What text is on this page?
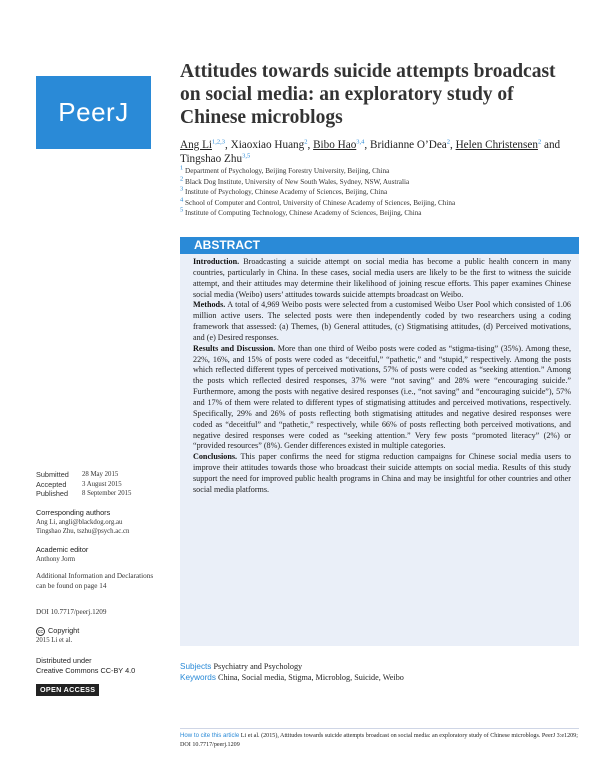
PeerJ
Attitudes towards suicide attempts broadcast on social media: an exploratory study of Chinese microblogs
Ang Li$^{1,2,3}$, Xiaoxiao Huang$^2$, Bibo Hao$^{3,4}$, Bridianne O’Dea$^2$, Helen Christensen$^2$ and Tingshao Zhu$^{3,5}$
$^1$ Department of Psychology, Beijing Forestry University, Beijing, China
$^2$ Black Dog Institute, University of New South Wales, Sydney, NSW, Australia
$^3$ Institute of Psychology, Chinese Academy of Sciences, Beijing, China
$^4$ School of Computer and Control, University of Chinese Academy of Sciences, Beijing, China
$^5$ Institute of Computing Technology, Chinese Academy of Sciences, Beijing, China
ABSTRACT

Introduction. Broadcasting a suicide attempt on social media has become a public health concern in many countries, particularly in China. In these cases, social media users are likely to be the first to witness the suicide attempt, and their attitudes may determine their likelihood of joining rescue efforts. This paper examines Chinese social media (Weibo) users’ attitudes towards suicide attempts broadcast on Weibo.

Methods. A total of 4,969 Weibo posts were selected from a customised Weibo User Pool which consisted of 1.06 million active users. The selected posts were then independently coded by two researchers using a coding framework that assessed: (a) Themes, (b) General attitudes, (c) Stigmatising attitudes, (d) Perceived motivations, and (e) Desired responses.

Results and Discussion. More than one third of Weibo posts were coded as “stigma-tising” (35%). Among these, 22%, 16%, and 15% of posts were coded as “deceitful,” “pathetic,” and “stupid,” respectively. Among the posts which reflected different types of perceived motivations, 57% of posts were coded as “seeking attention.” Among the posts which reflected desired responses, 37% were “not saving” and 28% were “encouraging suicide.” Furthermore, among the posts with negative desired responses (i.e., “not saving” and “encouraging suicide”), 57% and 17% of them were related to different types of stigmatising attitudes and perceived motivations, respectively. Specifically, 29% and 26% of posts reflecting both stigmatising attitudes and negative desired responses were coded as “deceitful” and “pathetic,” respectively, while 66% of posts reflecting both perceived motivations, and negative desired responses were coded as “seeking attention.” Very few posts “promoted literacy” (2%) or “provided resources” (8%). Gender differences existed in multiple categories.

Conclusions. This paper confirms the need for stigma reduction campaigns for Chinese social media users to improve their attitudes towards those who broadcast their suicide attempts on social media. Results of this study support the need for improved public health programs in China and may be insightful for other countries and other social media platforms.

Submitted	28 May 2015
Accepted	3 August 2015
Published	8 September 2015
Corresponding authors
Ang Li, angli@blackdog.org.au
Tingshao Zhu, tszhu@psych.ac.cn
Academic editor
Anthony Jorm
Additional Information and Declarations can be found on page 14
DOI 10.7717/peerj.1209
cc Copyright
2015 Li et al.
Distributed under
Creative Commons CC-BY 4.0
OPEN ACCESS
Subjects Psychiatry and Psychology
Keywords China, Social media, Stigma, Microblog, Suicide, Weibo
How to cite this article Li et al. (2015), Attitudes towards suicide attempts broadcast on social media: an exploratory study of Chinese microblogs. PeerJ 3:e1209; DOI 10.7717/peerj.1209
